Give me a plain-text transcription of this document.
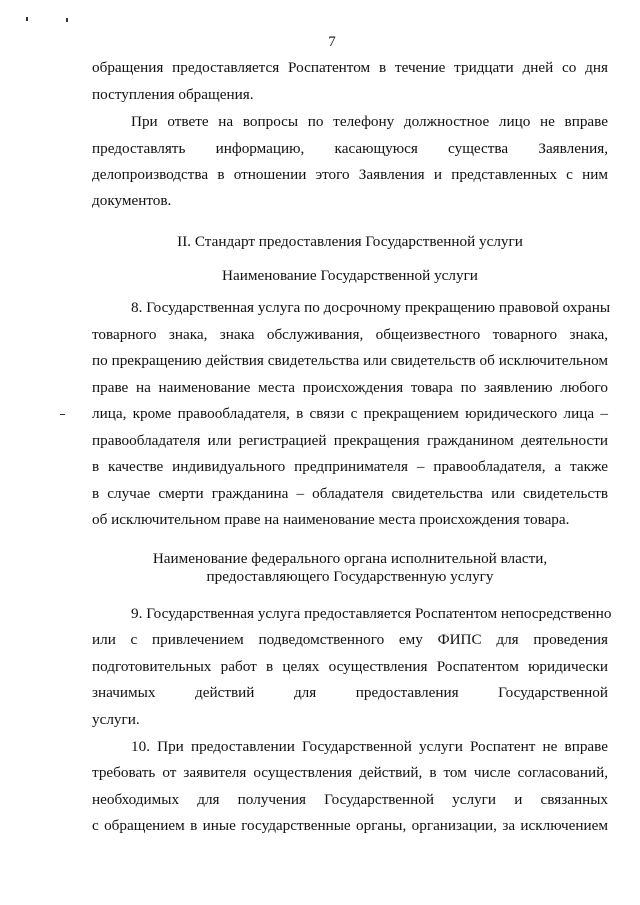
7
обращения предоставляется Роспатентом в течение тридцати дней со дня
поступления обращения.
При ответе на вопросы по телефону должностное лицо не вправе
предоставлять информацию, касающуюся существа Заявления,
делопроизводства в отношении этого Заявления и представленных с ним
документов.
II. Стандарт предоставления Государственной услуги
Наименование Государственной услуги
8. Государственная услуга по досрочному прекращению правовой охраны
товарного знака, знака обслуживания, общеизвестного товарного знака,
по прекращению действия свидетельства или свидетельств об исключительном
праве на наименование места происхождения товара по заявлению любого
лица, кроме правообладателя, в связи с прекращением юридического лица –
правообладателя или регистрацией прекращения гражданином деятельности
в качестве индивидуального предпринимателя – правообладателя, а также
в случае смерти гражданина – обладателя свидетельства или свидетельств
об исключительном праве на наименование места происхождения товара.
Наименование федерального органа исполнительной власти,
предоставляющего Государственную услугу
9. Государственная услуга предоставляется Роспатентом непосредственно
или с привлечением подведомственного ему ФИПС для проведения
подготовительных работ в целях осуществления Роспатентом юридически
значимых действий для предоставления Государственной
услуги.
10. При предоставлении Государственной услуги Роспатент не вправе
требовать от заявителя осуществления действий, в том числе согласований,
необходимых для получения Государственной услуги и связанных
с обращением в иные государственные органы, организации, за исключением
